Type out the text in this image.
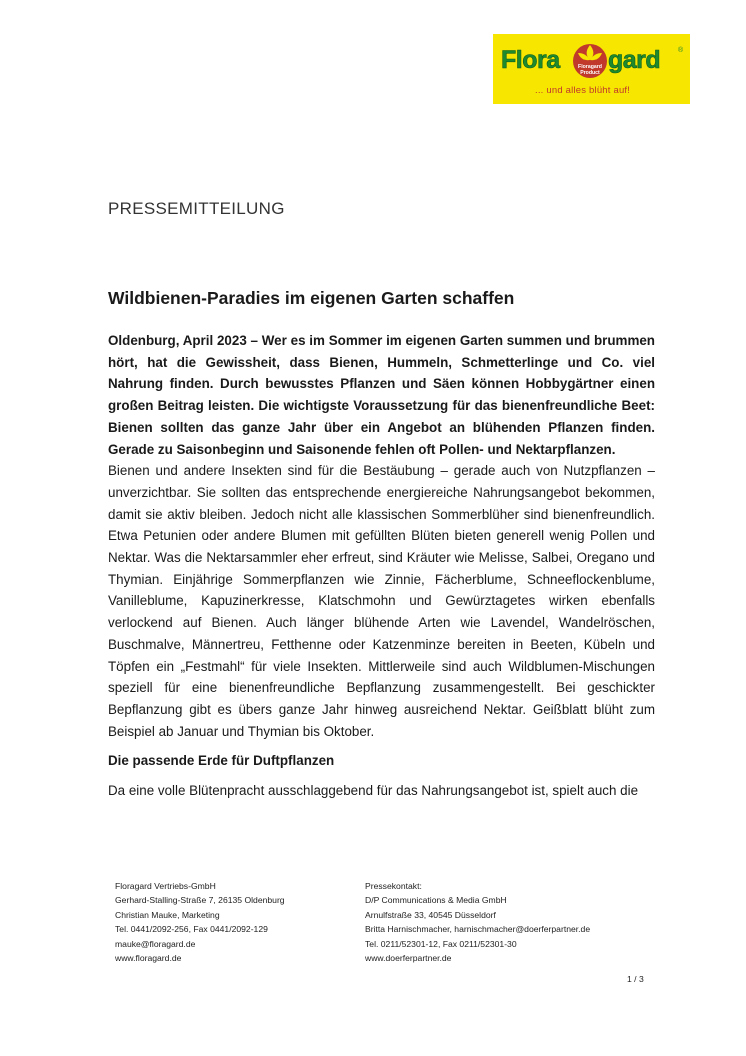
Flora	Floragard
Product gard	®
... und alles blüht auf!
PRESSEMITTEILUNG
Wildbienen-Paradies im eigenen Garten schaffen

Oldenburg, April 2023 – Wer es im Sommer im eigenen Garten summen und brummen hört, hat die Gewissheit, dass Bienen, Hummeln, Schmetterlinge und Co. viel Nahrung finden. Durch bewusstes Pflanzen und Säen können Hobbygärtner einen großen Beitrag leisten. Die wichtigste Voraussetzung für das bienenfreundliche Beet: Bienen sollten das ganze Jahr über ein Angebot an blühenden Pflanzen finden. Gerade zu Saisonbeginn und Saisonende fehlen oft Pollen- und Nektarpflanzen.

Bienen und andere Insekten sind für die Bestäubung – gerade auch von Nutzpflanzen – unverzichtbar. Sie sollten das entsprechende energiereiche Nahrungsangebot bekommen, damit sie aktiv bleiben. Jedoch nicht alle klassischen Sommerblüher sind bienenfreundlich. Etwa Petunien oder andere Blumen mit gefüllten Blüten bieten generell wenig Pollen und Nektar. Was die Nektarsammler eher erfreut, sind Kräuter wie Melisse, Salbei, Oregano und Thymian. Einjährige Sommerpflanzen wie Zinnie, Fächerblume, Schneeflockenblume, Vanilleblume, Kapuzinerkresse, Klatschmohn und Gewürztagetes wirken ebenfalls verlockend auf Bienen. Auch länger blühende Arten wie Lavendel, Wandelröschen, Buschmalve, Männertreu, Fetthenne oder Katzenminze bereiten in Beeten, Kübeln und Töpfen ein „Festmahl“ für viele Insekten. Mittlerweile sind auch Wildblumen-Mischungen speziell für eine bienenfreundliche Bepflanzung zusammengestellt. Bei geschickter Bepflanzung gibt es übers ganze Jahr hinweg ausreichend Nektar. Geißblatt blüht zum Beispiel ab Januar und Thymian bis Oktober.

Die passende Erde für Duftpflanzen

Da eine volle Blütenpracht ausschlaggebend für das Nahrungsangebot ist, spielt auch die

Floragard Vertriebs-GmbH
Gerhard-Stalling-Straße 7, 26135 Oldenburg
Christian Mauke, Marketing
Tel. 0441/2092-256, Fax 0441/2092-129
mauke@floragard.de
www.floragard.de
Pressekontakt:
D/P Communications & Media GmbH
Arnulfstraße 33, 40545 Düsseldorf
Britta Harnischmacher, harnischmacher@doerferpartner.de
Tel. 0211/52301-12, Fax 0211/52301-30
www.doerferpartner.de
1 / 3
